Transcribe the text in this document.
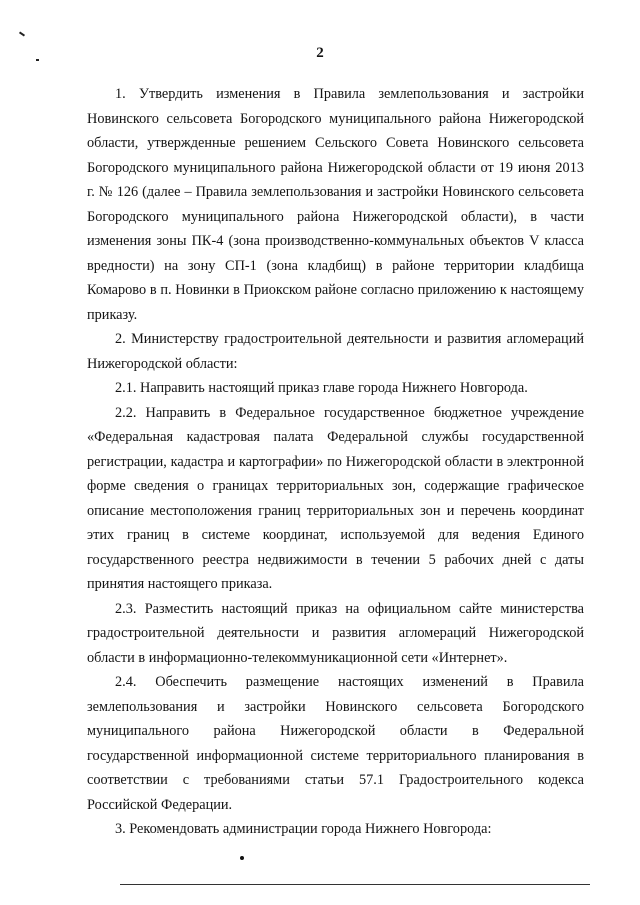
2

1. Утвердить изменения в Правила землепользования и застройки Новинского сельсовета Богородского муниципального района Нижегородской области, утвержденные решением Сельского Совета Новинского сельсовета Богородского муниципального района Нижегородской области от 19 июня 2013 г. № 126 (далее – Правила землепользования и застройки Новинского сельсовета Богородского муниципального района Нижегородской области), в части изменения зоны ПК-4 (зона производственно-коммунальных объектов V класса вредности) на зону СП-1 (зона кладбищ) в районе территории кладбища Комарово в п. Новинки в Приокском районе согласно приложению к настоящему приказу.

2. Министерству градостроительной деятельности и развития агломераций Нижегородской области:

2.1. Направить настоящий приказ главе города Нижнего Новгорода.

2.2. Направить в Федеральное государственное бюджетное учреждение «Федеральная кадастровая палата Федеральной службы государственной регистрации, кадастра и картографии» по Нижегородской области в электронной форме сведения о границах территориальных зон, содержащие графическое описание местоположения границ территориальных зон и перечень координат этих границ в системе координат, используемой для ведения Единого государственного реестра недвижимости в течении 5 рабочих дней с даты принятия настоящего приказа.

2.3. Разместить настоящий приказ на официальном сайте министерства градостроительной деятельности и развития агломераций Нижегородской области в информационно-телекоммуникационной сети «Интернет».

2.4. Обеспечить размещение настоящих изменений в Правила землепользования и застройки Новинского сельсовета Богородского муниципального района Нижегородской области в Федеральной государственной информационной системе территориального планирования в соответствии с требованиями статьи 57.1 Градостроительного кодекса Российской Федерации.

3. Рекомендовать администрации города Нижнего Новгорода:
